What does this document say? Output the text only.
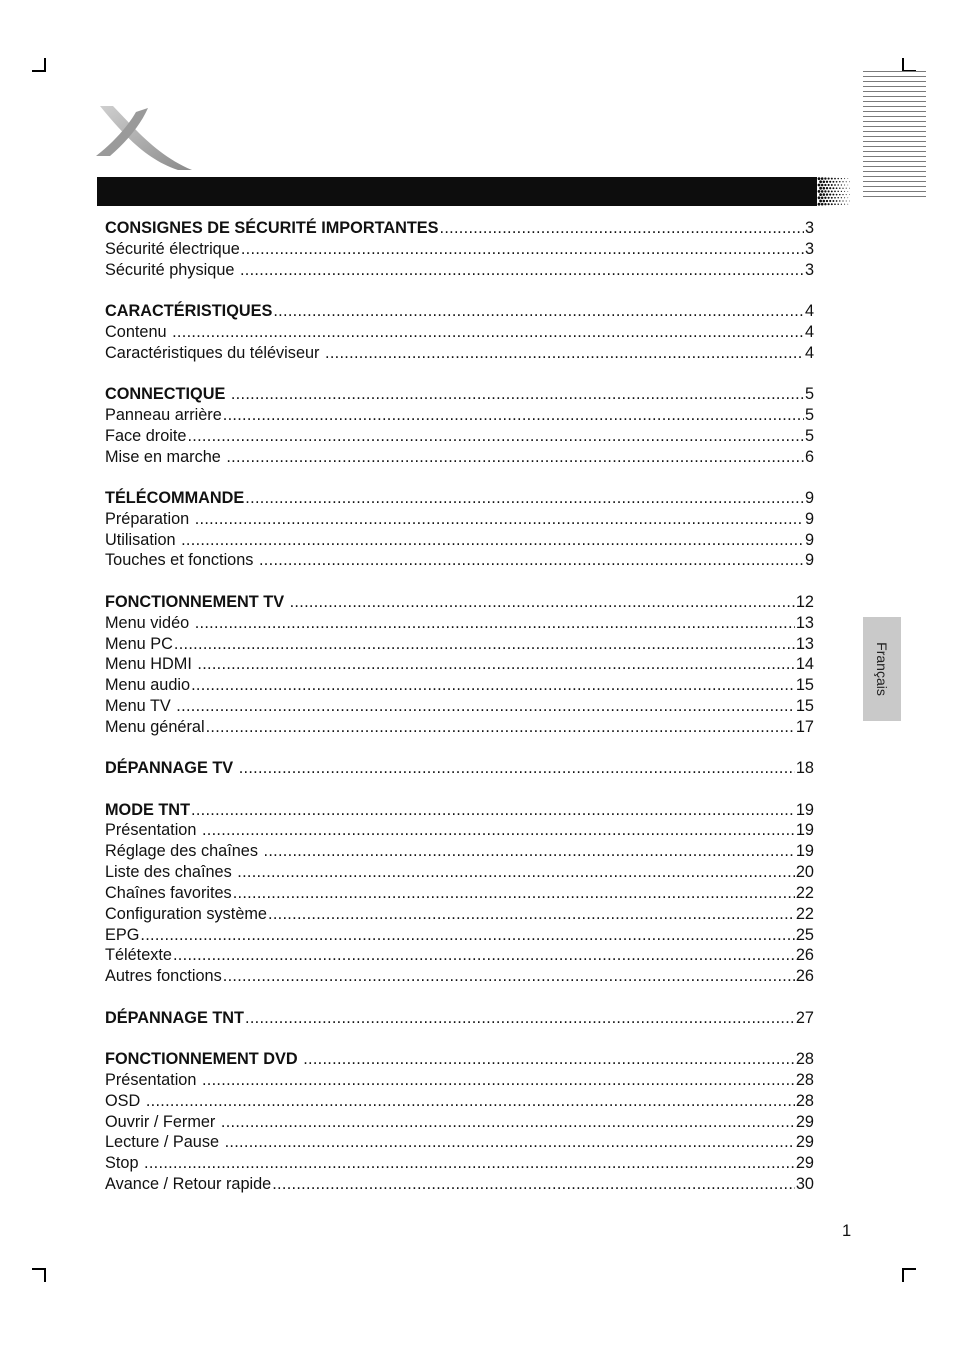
Français
CONSIGNES DE SÉCURITÉ IMPORTANTES .....	3
Sécurité électrique .....	3
Sécurité physique .....	3
CARACTÉRISTIQUES .....	4
Contenu .....	4
Caractéristiques du téléviseur .....	4
CONNECTIQUE .....	5
Panneau arrière .....	5
Face droite .....	5
Mise en marche .....	6
TÉLÉCOMMANDE .....	9
Préparation .....	9
Utilisation .....	9
Touches et fonctions .....	9
FONCTIONNEMENT TV .....	12
Menu vidéo .....	13
Menu PC .....	13
Menu HDMI .....	14
Menu audio .....	15
Menu TV .....	15
Menu général .....	17
DÉPANNAGE TV .....	18
MODE TNT .....	19
Présentation .....	19
Réglage des chaînes .....	19
Liste des chaînes .....	20
Chaînes favorites .....	22
Configuration système .....	22
EPG .....	25
Télétexte .....	26
Autres fonctions .....	26
DÉPANNAGE TNT .....	27
FONCTIONNEMENT DVD .....	28
Présentation .....	28
OSD .....	28
Ouvrir / Fermer .....	29
Lecture / Pause .....	29
Stop .....	29
Avance / Retour rapide .....	30
1
